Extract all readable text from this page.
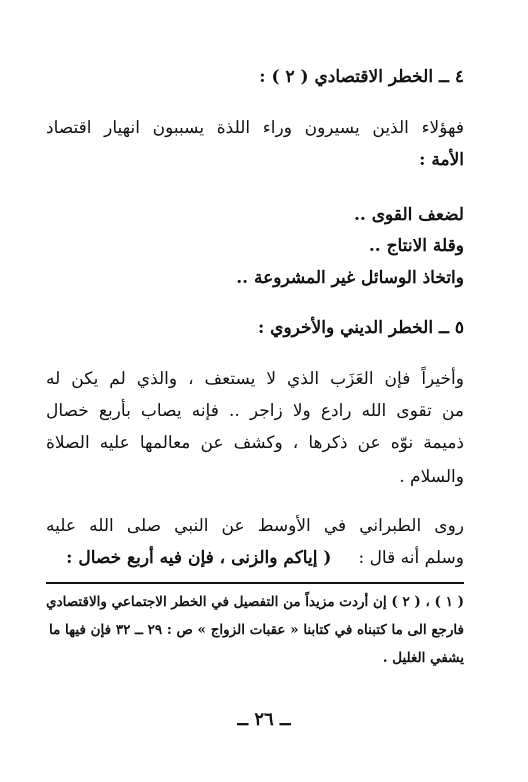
٤ ــ الخطر الاقتصادي ( ٢ ) :
فهؤلاء الذين يسيرون وراء اللذة يسببون انهيار اقتصاد
الأمة :
لضعف القوى ..
وقلة الانتاج ..
واتخاذ الوسائل غير المشروعة ..
٥ ــ الخطر الديني والأخروي :
وأخيراً فإن العَزَب الذي لا يستعف ، والذي لم يكن له
من تقوى الله رادع ولا زاجر .. فإنه يصاب بأربع خصال
ذميمة نوّه عن ذكرها ، وكشف عن معالمها عليه الصلاة
والسلام .
روى الطبراني في الأوسط عن النبي صلى الله عليه
وسلم أنه قال :     ( إياكم والزنى ، فإن فيه أربع خصال :
( ١ ) ، ( ٢ ) إن أردت مزيداً من التفصيل في الخطر الاجتماعي والاقتصادي
فارجع الى ما كتبناه في كتابنا « عقبات الزواج » ص : ٢٩ ــ ٣٢ فإن فيها ما
يشفي الغليل .
ــ ٢٦ ــ
